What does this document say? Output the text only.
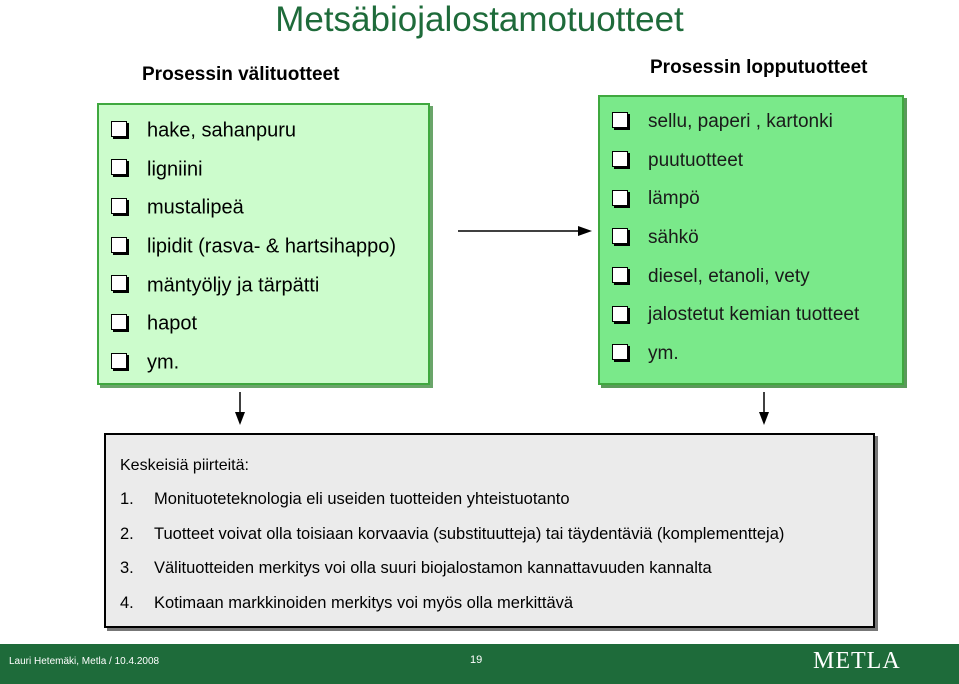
Metsäbiojalostamotuotteet
Prosessin välituotteet	Prosessin lopputuotteet
hake, sahanpuru
ligniini
mustalipeä
lipidit (rasva- & hartsihappo)
mäntyöljy ja tärpätti
hapot
ym.
sellu, paperi , kartonki
puutuotteet
lämpö
sähkö
diesel, etanoli, vety
jalostetut kemian tuotteet
ym.
Keskeisiä piirteitä:
1. Monituoteteknologia eli useiden tuotteiden yhteistuotanto
2. Tuotteet voivat olla toisiaan korvaavia (substituutteja) tai täydentäviä (komplementteja)
3. Välituotteiden merkitys voi olla suuri biojalostamon kannattavuuden kannalta
4. Kotimaan markkinoiden merkitys voi myös olla merkittävä
Lauri Hetemäki, Metla / 10.4.2008	19	METLA
